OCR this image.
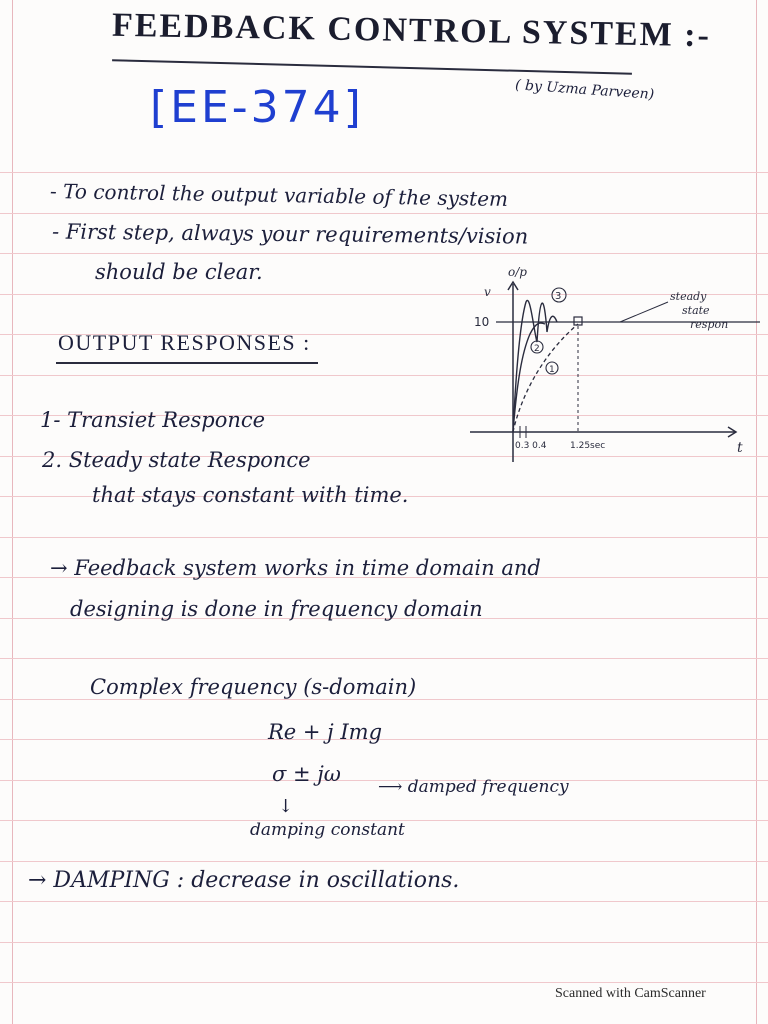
FEEDBACK CONTROL SYSTEM :-
[EE-374]	( by Uzma Parveen)
- To control the output variable of the system
- First step, always your requirements/vision
should be clear.
OUTPUT RESPONSES :
1- Transiet Responce
2. Steady state Responce
that stays constant with time.
o/p
v
10
0.3 0.4	1.25sec	t
3
2
1
steady
state
respon
→ Feedback system works in time domain and
designing is done in frequency domain
Complex frequency (s-domain)
Re + j Img
σ ± jω
⟶ damped frequency
↓
damping constant
→ DAMPING : decrease in oscillations.
Scanned with CamScanner
